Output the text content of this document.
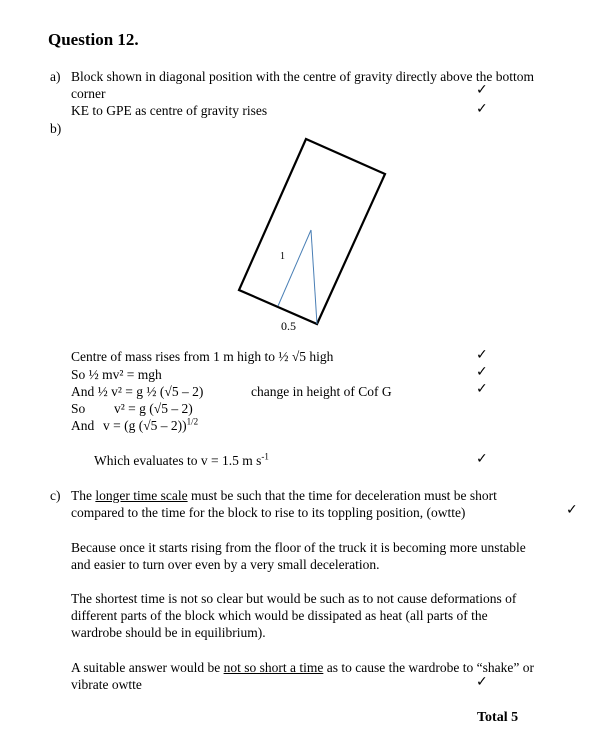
Question 12.
a) Block shown in diagonal position with the centre of gravity directly above the bottom
corner	✓
KE to GPE as centre of gravity rises	✓
b)
1
0.5
Centre of mass rises from 1 m high to ½ √5 high	✓
So ½ mv² = mgh	✓
And ½ v² = g ½ (√5 – 2)	change in height of Cof G	✓
So v² = g (√5 – 2)
And v = (g (√5 – 2))$^{1/2}$
Which evaluates to v = 1.5 m $s^{-1}$	✓
c) The longer time scale must be such that the time for deceleration must be short
compared to the time for the block to rise to its toppling position, (owtte)	✓
Because once it starts rising from the floor of the truck it is becoming more unstable
and easier to turn over even by a very small deceleration.
The shortest time is not so clear but would be such as to not cause deformations of
different parts of the block which would be dissipated as heat (all parts of the
wardrobe should be in equilibrium).
A suitable answer would be not so short a time as to cause the wardrobe to “shake” or
vibrate owtte	✓
Total 5
